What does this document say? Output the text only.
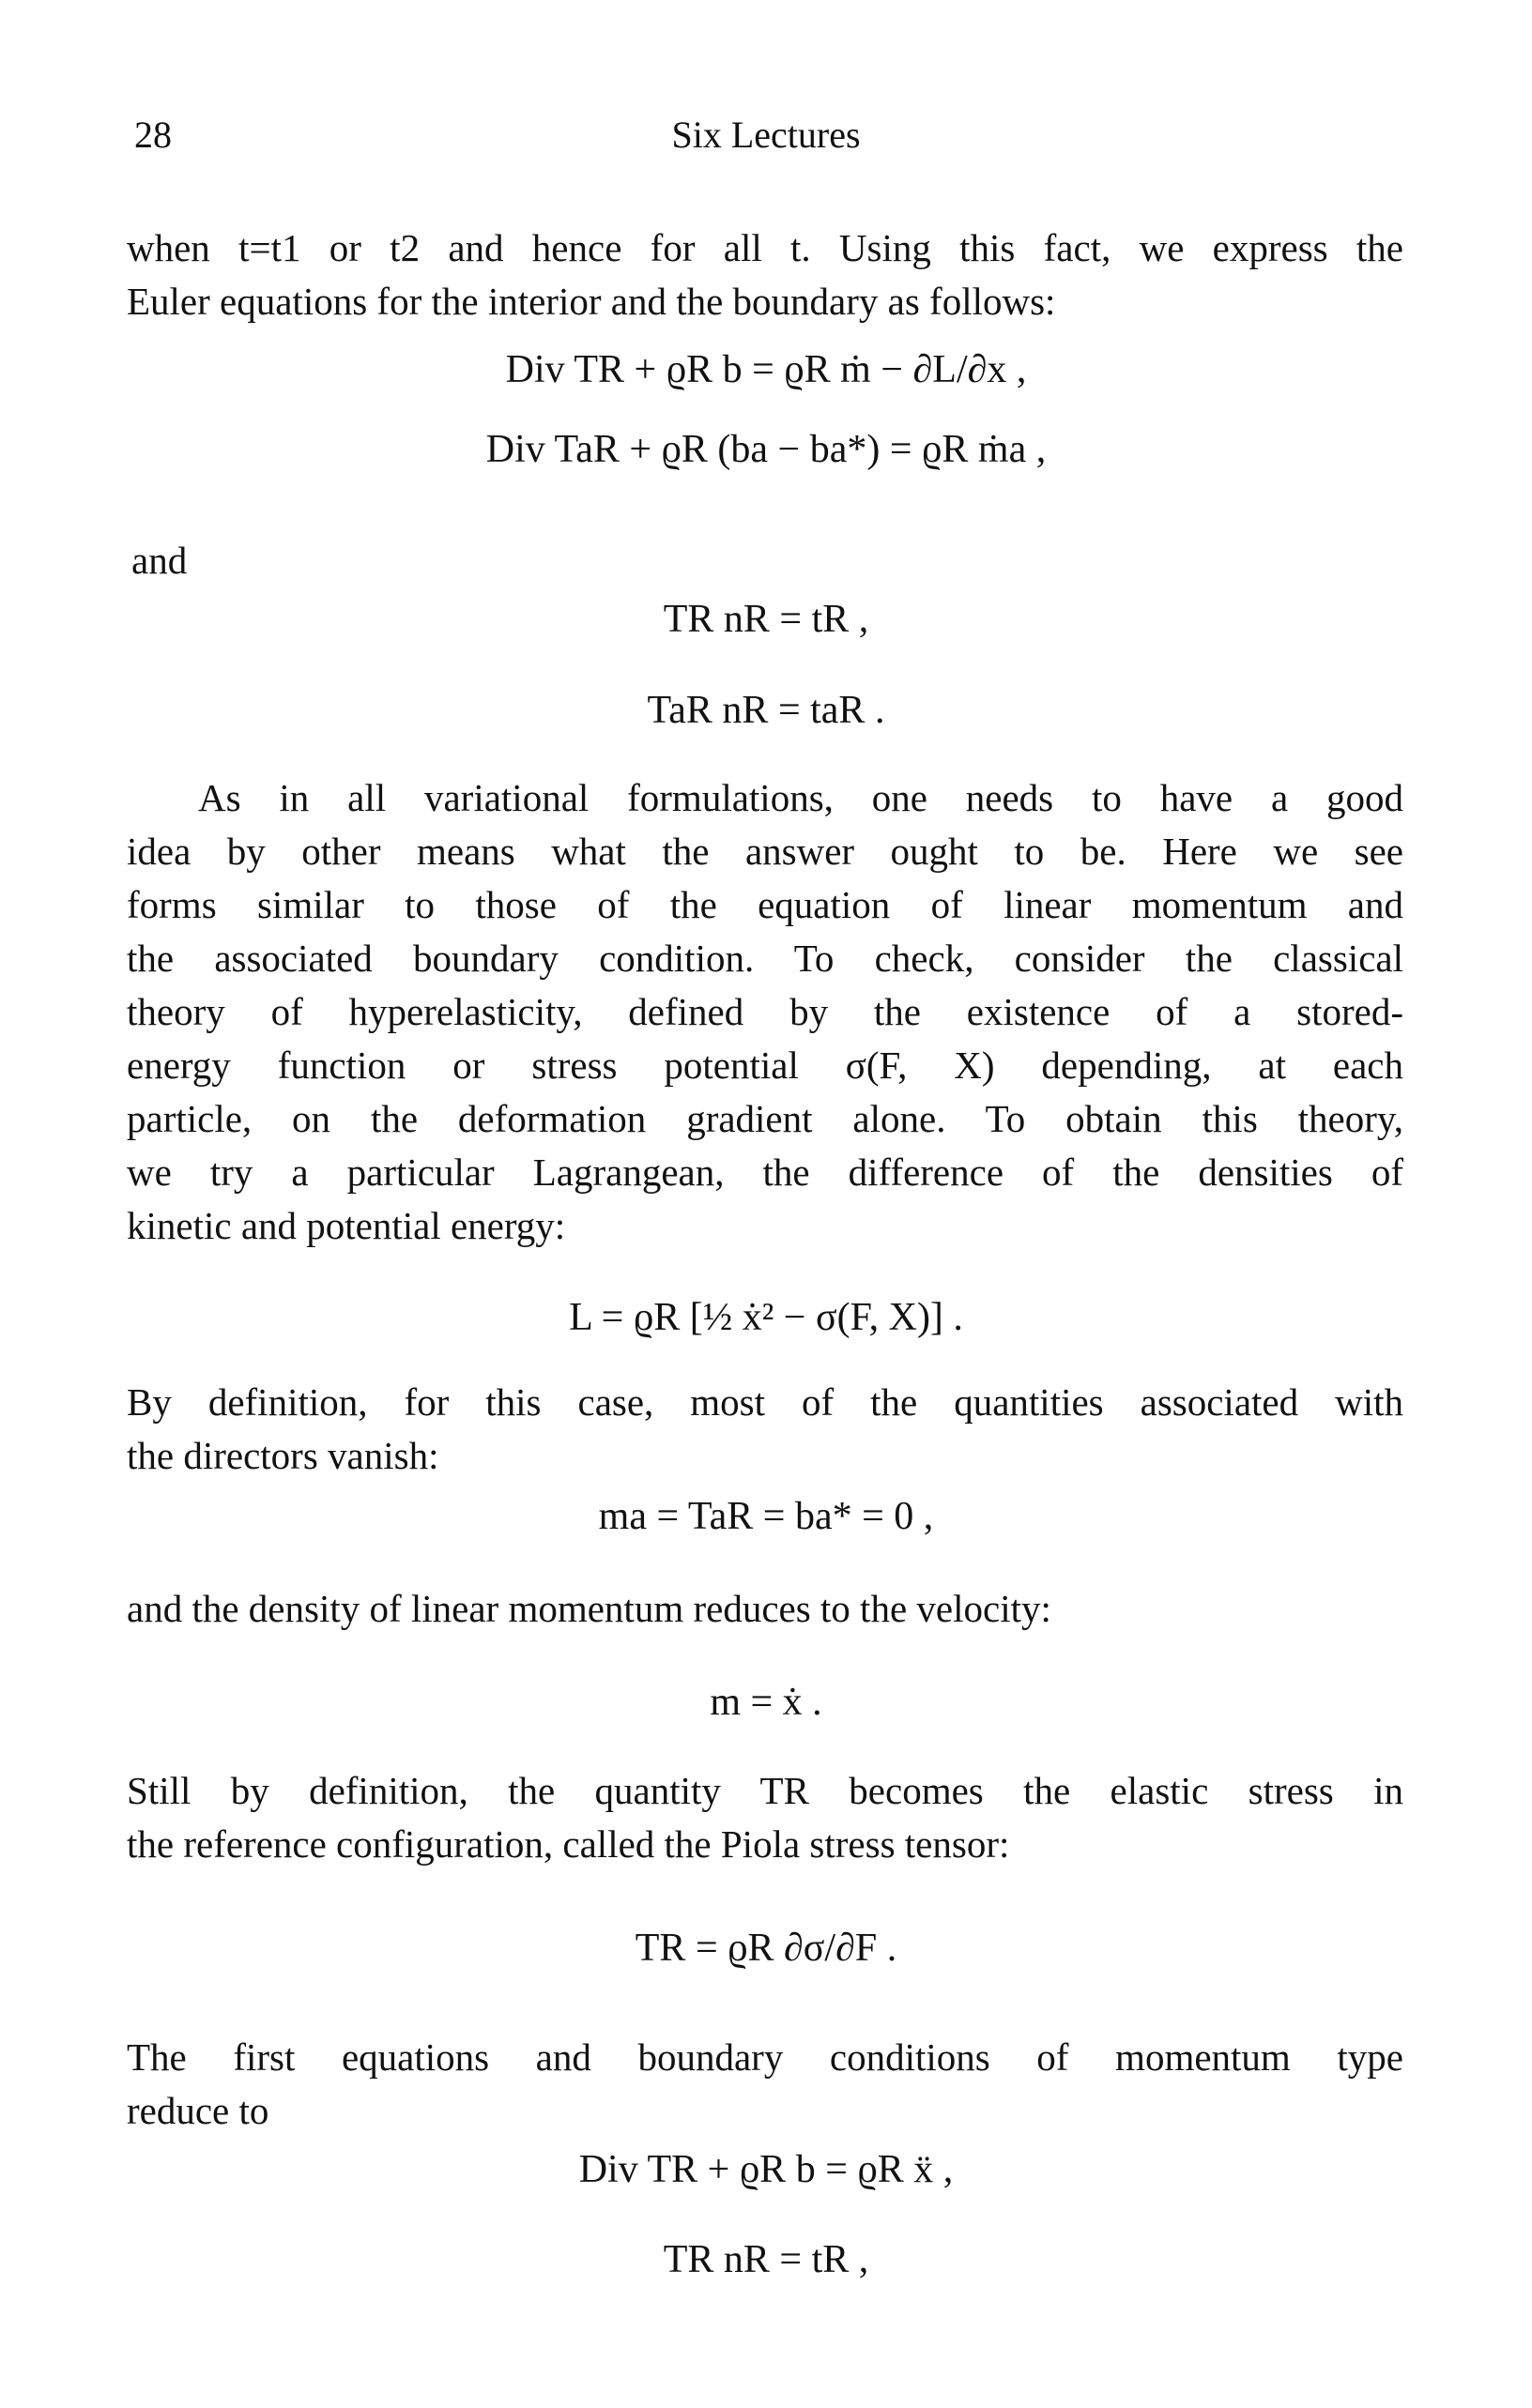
28	Six Lectures
when t=t1 or t2 and hence for all t. Using this fact, we express the
Euler equations for the interior and the boundary as follows:
Div TR + ϱR b = ϱR ṁ − ∂L/∂x ,
Div TaR + ϱR (ba − ba*) = ϱR ṁa ,
and
TR nR = tR ,
TaR nR = taR .
As in all variational formulations, one needs to have a good
idea by other means what the answer ought to be. Here we see
forms similar to those of the equation of linear momentum and
the associated boundary condition. To check, consider the classical
theory of hyperelasticity, defined by the existence of a stored-
energy function or stress potential σ(F, X) depending, at each
particle, on the deformation gradient alone. To obtain this theory,
we try a particular Lagrangean, the difference of the densities of
kinetic and potential energy:
L = ϱR [½ ẋ² − σ(F, X)] .
By definition, for this case, most of the quantities associated with
the directors vanish:
ma = TaR = ba* = 0 ,
and the density of linear momentum reduces to the velocity:
m = ẋ .
Still by definition, the quantity TR becomes the elastic stress in
the reference configuration, called the Piola stress tensor:
TR = ϱR ∂σ/∂F .
The first equations and boundary conditions of momentum type
reduce to
Div TR + ϱR b = ϱR ẍ ,
TR nR = tR ,
